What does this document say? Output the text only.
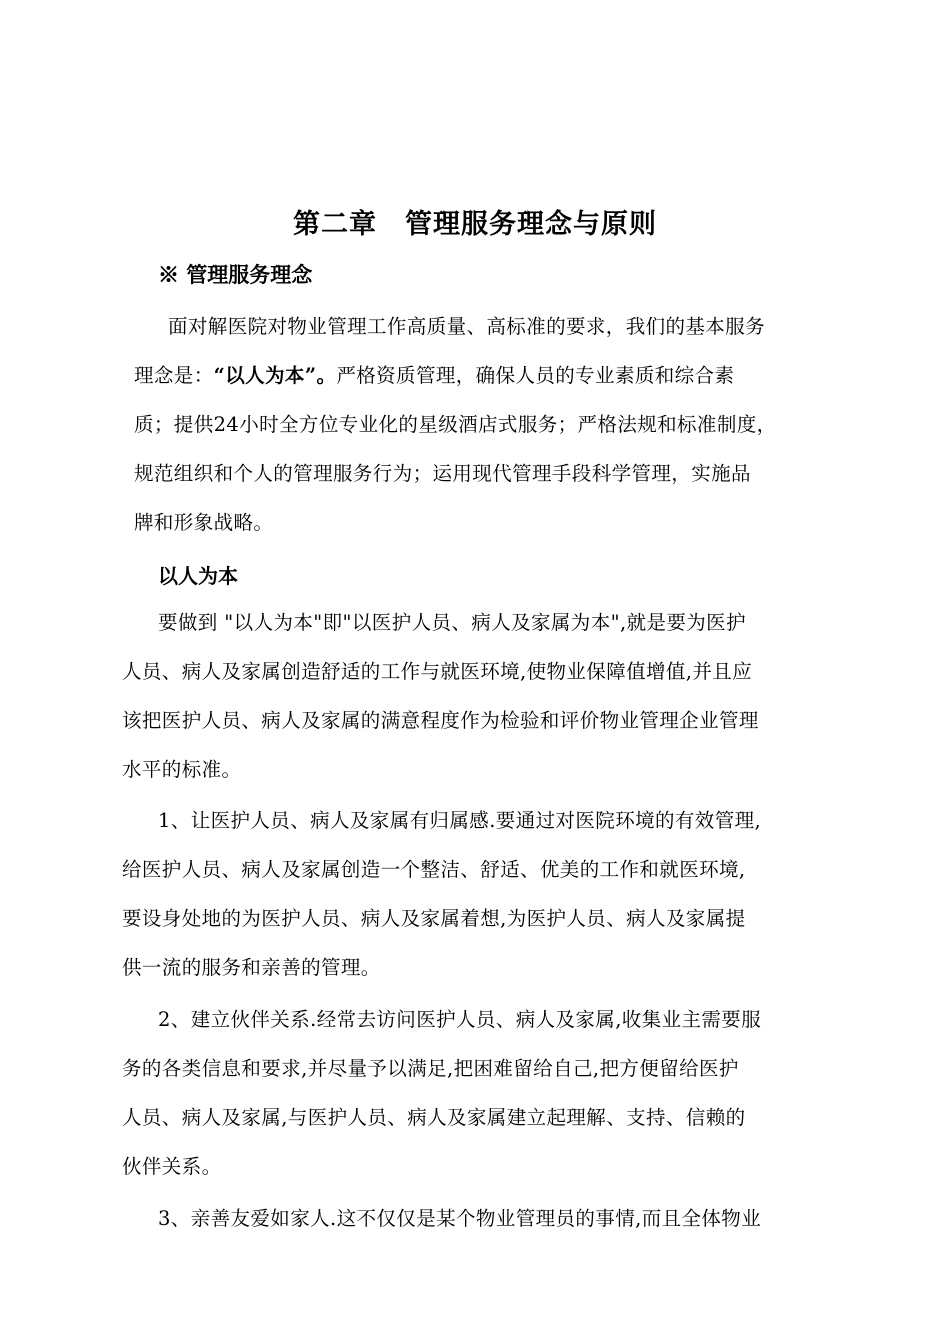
第二章　管理服务理念与原则
※ 管理服务理念
面对解医院对物业管理工作高质量、高标准的要求，我们的基本服务
理念是：“以人为本”。严格资质管理，确保人员的专业素质和综合素
质；提供24小时全方位专业化的星级酒店式服务；严格法规和标准制度，
规范组织和个人的管理服务行为；运用现代管理手段科学管理，实施品
牌和形象战略。
以人为本
要做到 "以人为本"即"以医护人员、病人及家属为本",就是要为医护
人员、病人及家属创造舒适的工作与就医环境,使物业保障值增值,并且应
该把医护人员、病人及家属的满意程度作为检验和评价物业管理企业管理
水平的标准。
1、让医护人员、病人及家属有归属感.要通过对医院环境的有效管理,
给医护人员、病人及家属创造一个整洁、舒适、优美的工作和就医环境,
要设身处地的为医护人员、病人及家属着想,为医护人员、病人及家属提
供一流的服务和亲善的管理。
2、建立伙伴关系.经常去访问医护人员、病人及家属,收集业主需要服
务的各类信息和要求,并尽量予以满足,把困难留给自己,把方便留给医护
人员、病人及家属,与医护人员、病人及家属建立起理解、支持、信赖的
伙伴关系。
3、亲善友爱如家人.这不仅仅是某个物业管理员的事情,而且全体物业
